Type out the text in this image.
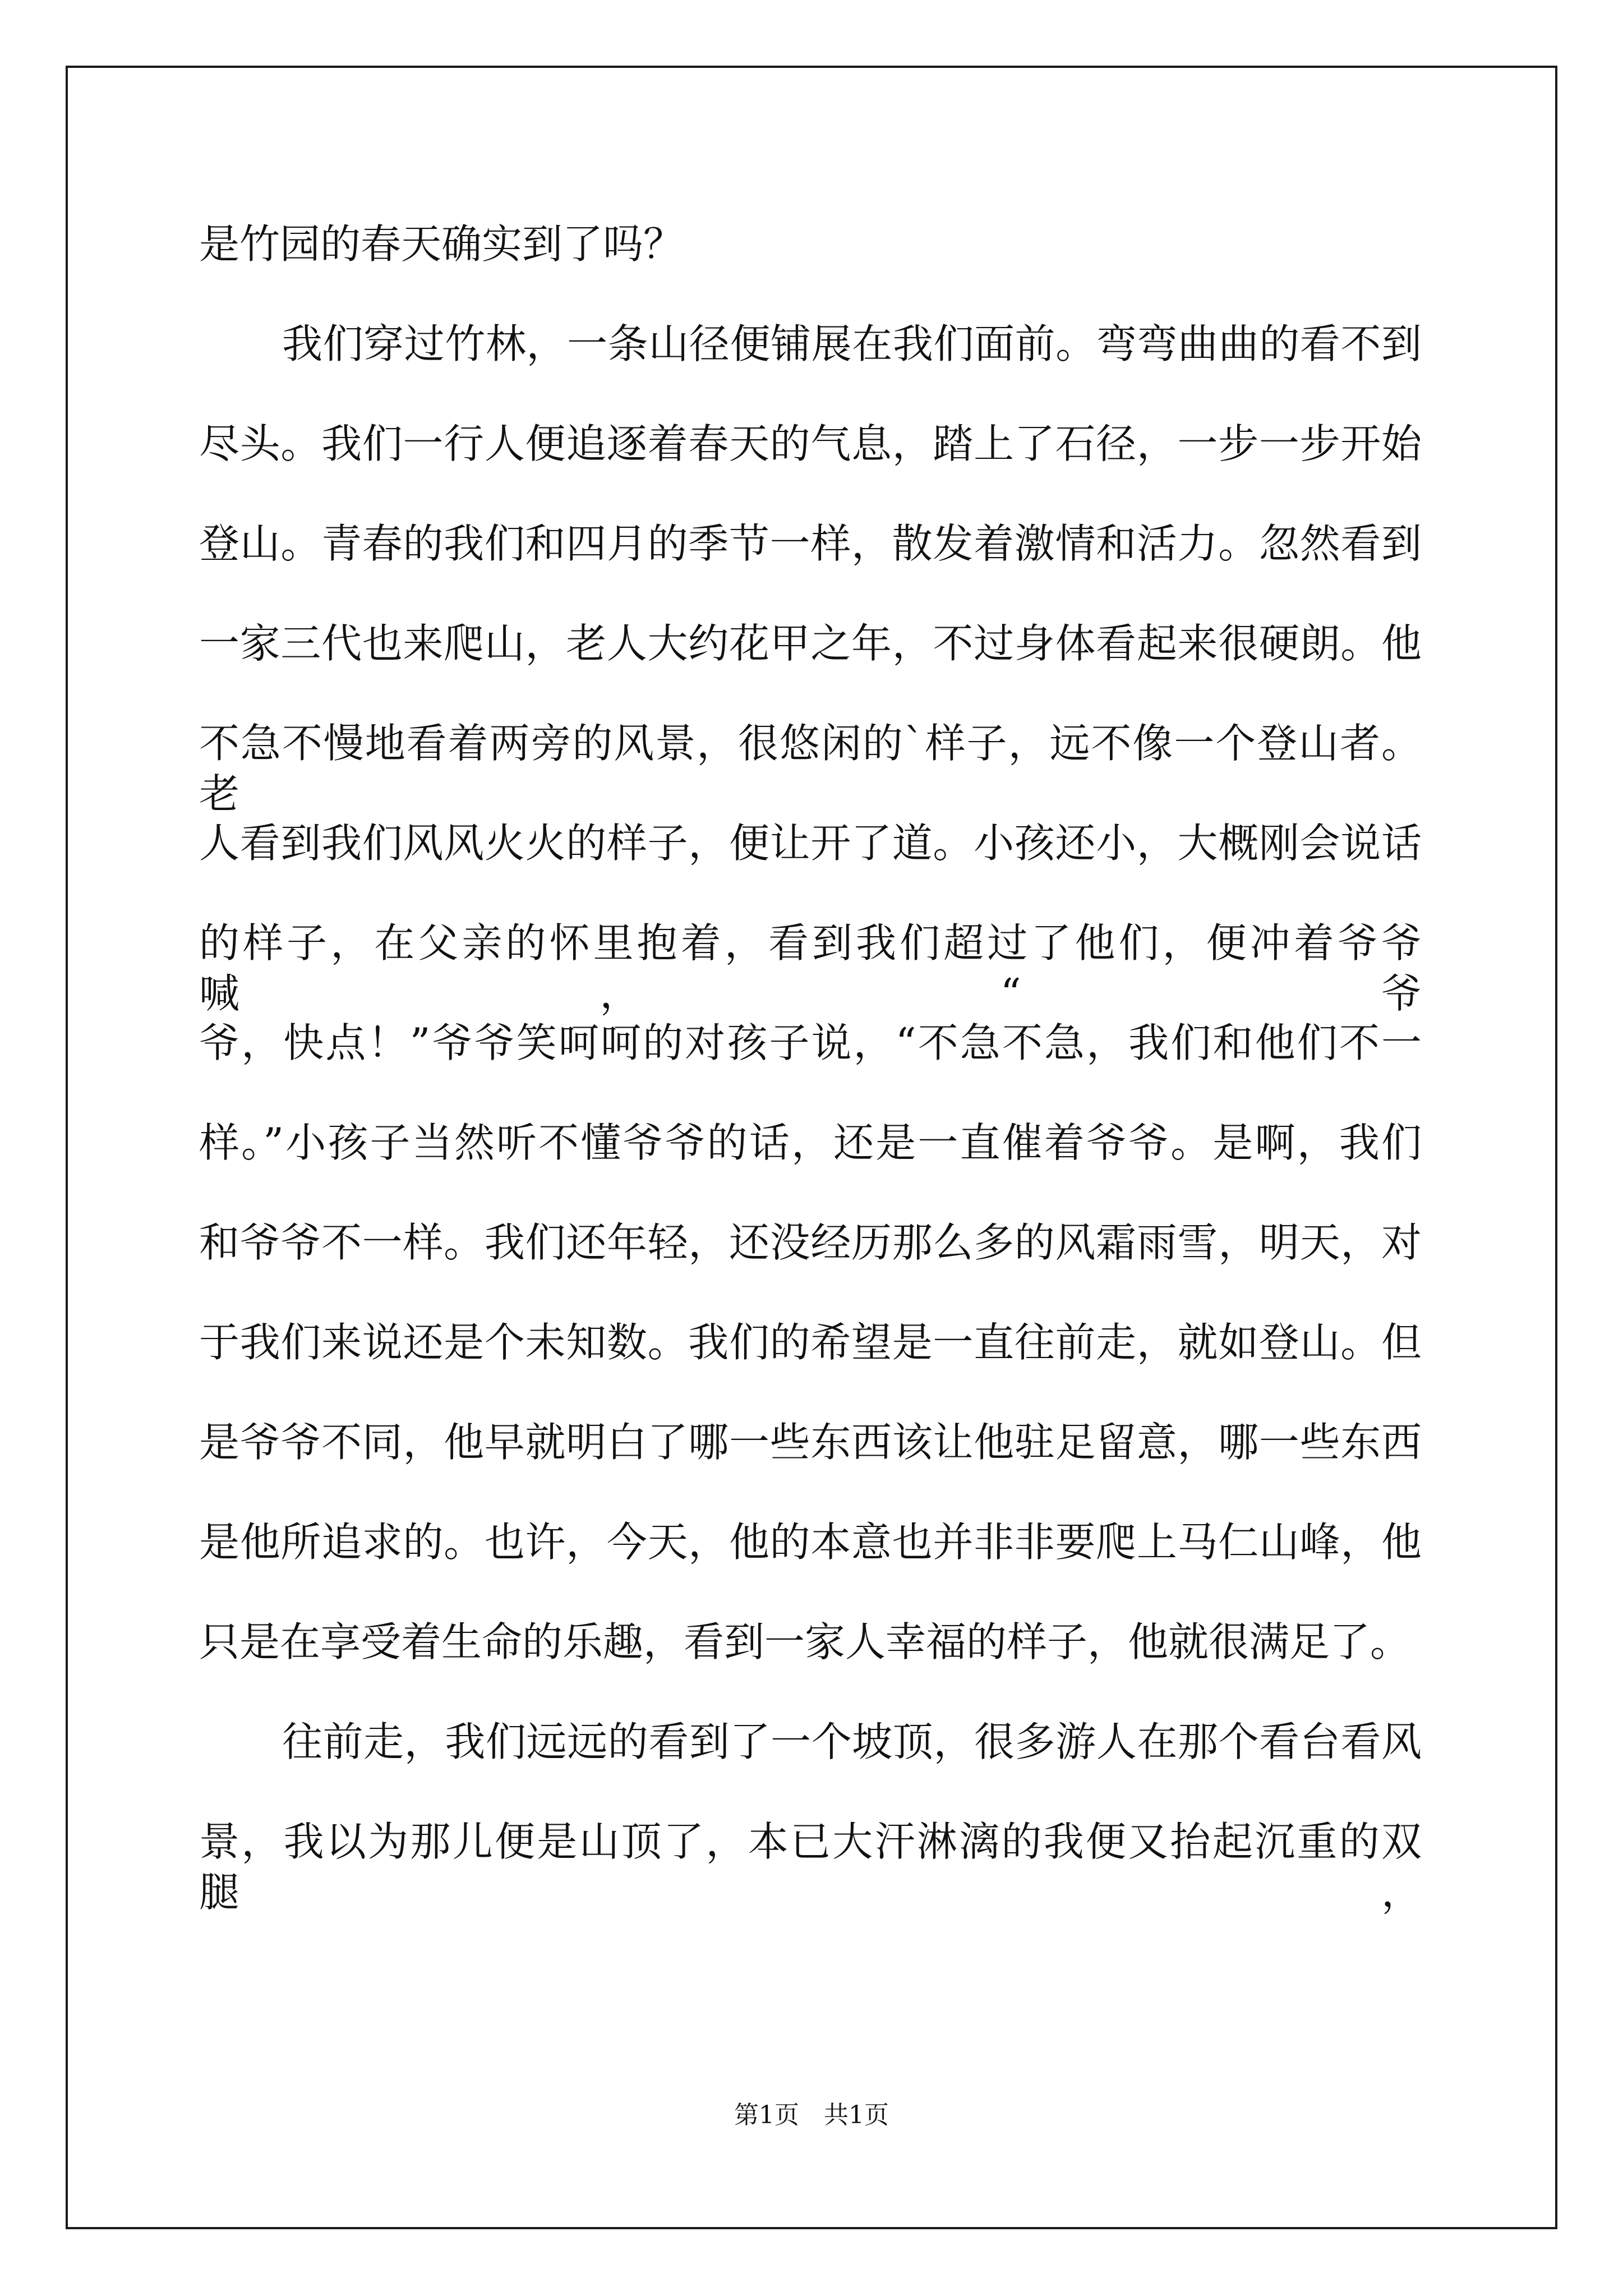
是竹园的春天确实到了吗？
我们穿过竹林，一条山径便铺展在我们面前。弯弯曲曲的看不到
尽头。我们一行人便追逐着春天的气息，踏上了石径，一步一步开始
登山。青春的我们和四月的季节一样，散发着激情和活力。忽然看到
一家三代也来爬山，老人大约花甲之年，不过身体看起来很硬朗。他
不急不慢地看着两旁的风景，很悠闲的`样子，远不像一个登山者。老
人看到我们风风火火的样子，便让开了道。小孩还小，大概刚会说话
的样子，在父亲的怀里抱着，看到我们超过了他们，便冲着爷爷喊，“爷
爷，快点！”爷爷笑呵呵的对孩子说，“不急不急，我们和他们不一
样。”小孩子当然听不懂爷爷的话，还是一直催着爷爷。是啊，我们
和爷爷不一样。我们还年轻，还没经历那么多的风霜雨雪，明天，对
于我们来说还是个未知数。我们的希望是一直往前走，就如登山。但
是爷爷不同，他早就明白了哪一些东西该让他驻足留意，哪一些东西
是他所追求的。也许，今天，他的本意也并非非要爬上马仁山峰，他
只是在享受着生命的乐趣，看到一家人幸福的样子，他就很满足了。
往前走，我们远远的看到了一个坡顶，很多游人在那个看台看风
景，我以为那儿便是山顶了，本已大汗淋漓的我便又抬起沉重的双腿，
第1页　共1页
